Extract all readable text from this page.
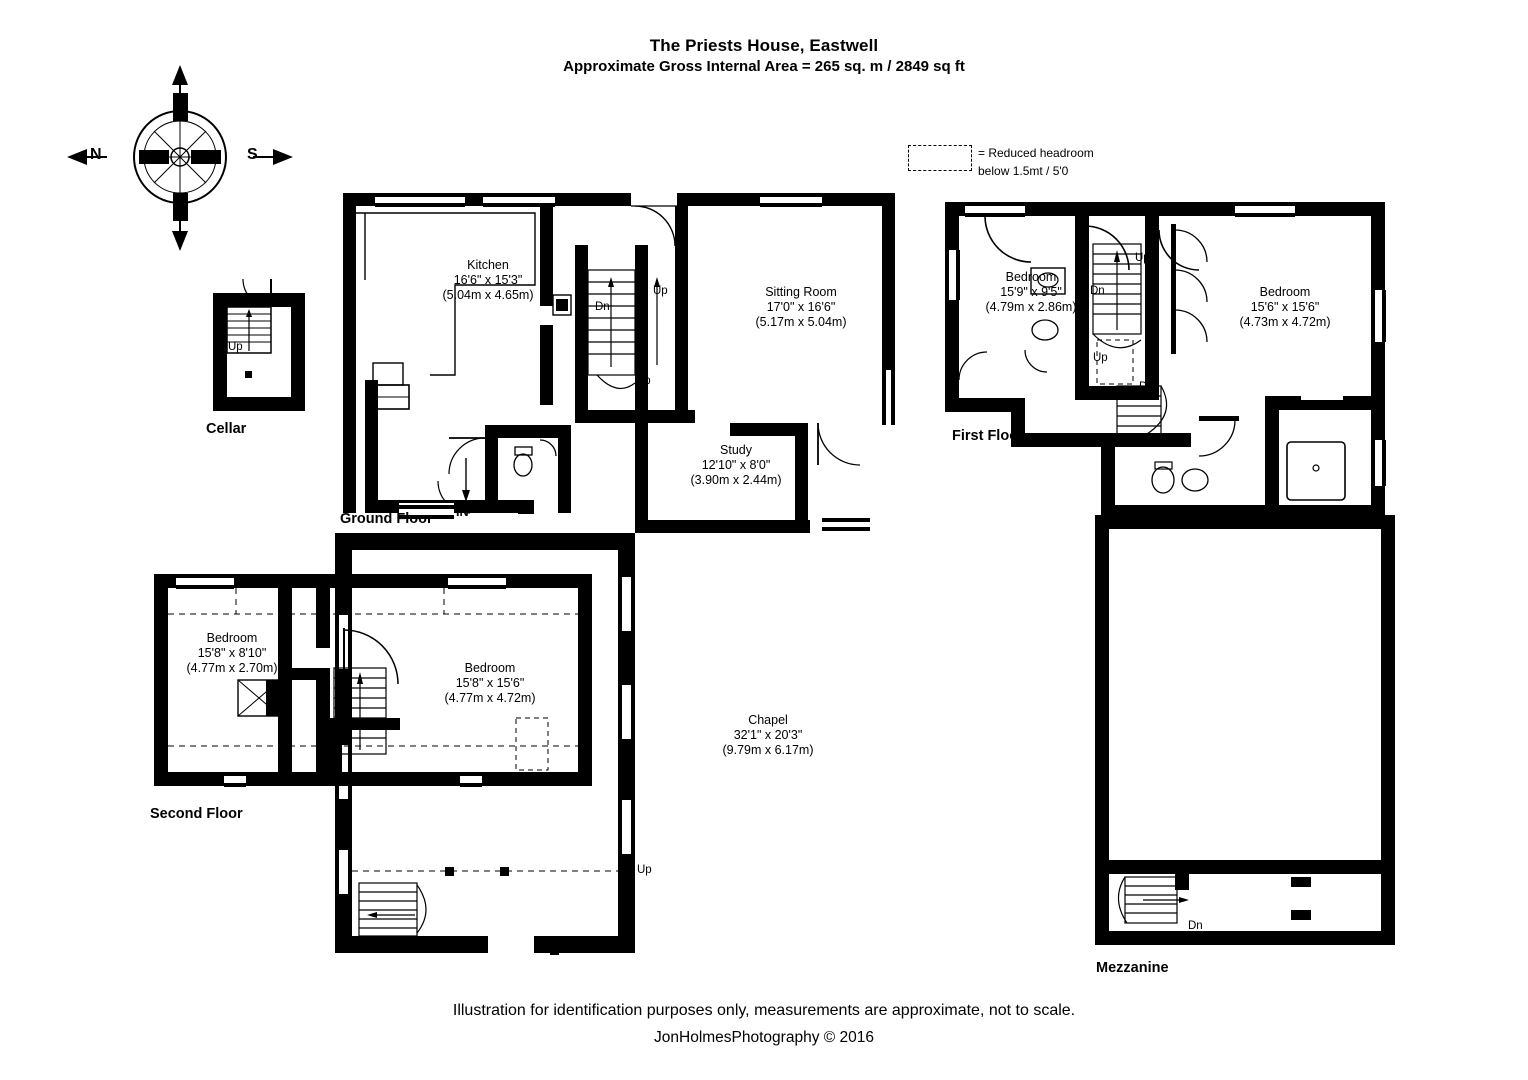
The Priests House, Eastwell
Approximate Gross Internal Area = 265 sq. m / 2849 sq ft
N	S	= Reduced headroom
below 1.5mt / 5'0
Up
Cellar
Kitchen
16'6" x 15'3"
(5.04m x 4.65m)	Sitting Room
17'0" x 16'6"
(5.17m x 5.04m)
Study
12'10" x 8'0"
(3.90m x 2.44m)
Chapel
32'1" x 20'3"
(9.79m x 6.17m)
Dn
Up
Up
Up
Ground Floor IN
Bedroom
15'9" x 9'5"
(4.79m x 2.86m)
Bedroom
15'6" x 15'6"
(4.73m x 4.72m)
Up
Dn
Up
Dn
First Floor
Dn
Mezzanine
Bedroom
15'8" x 8'10"
(4.77m x 2.70m)	Bedroom
15'8" x 15'6"
(4.77m x 4.72m)
Dn
Second Floor
Illustration for identification purposes only, measurements are approximate, not to scale.
JonHolmesPhotography © 2016
